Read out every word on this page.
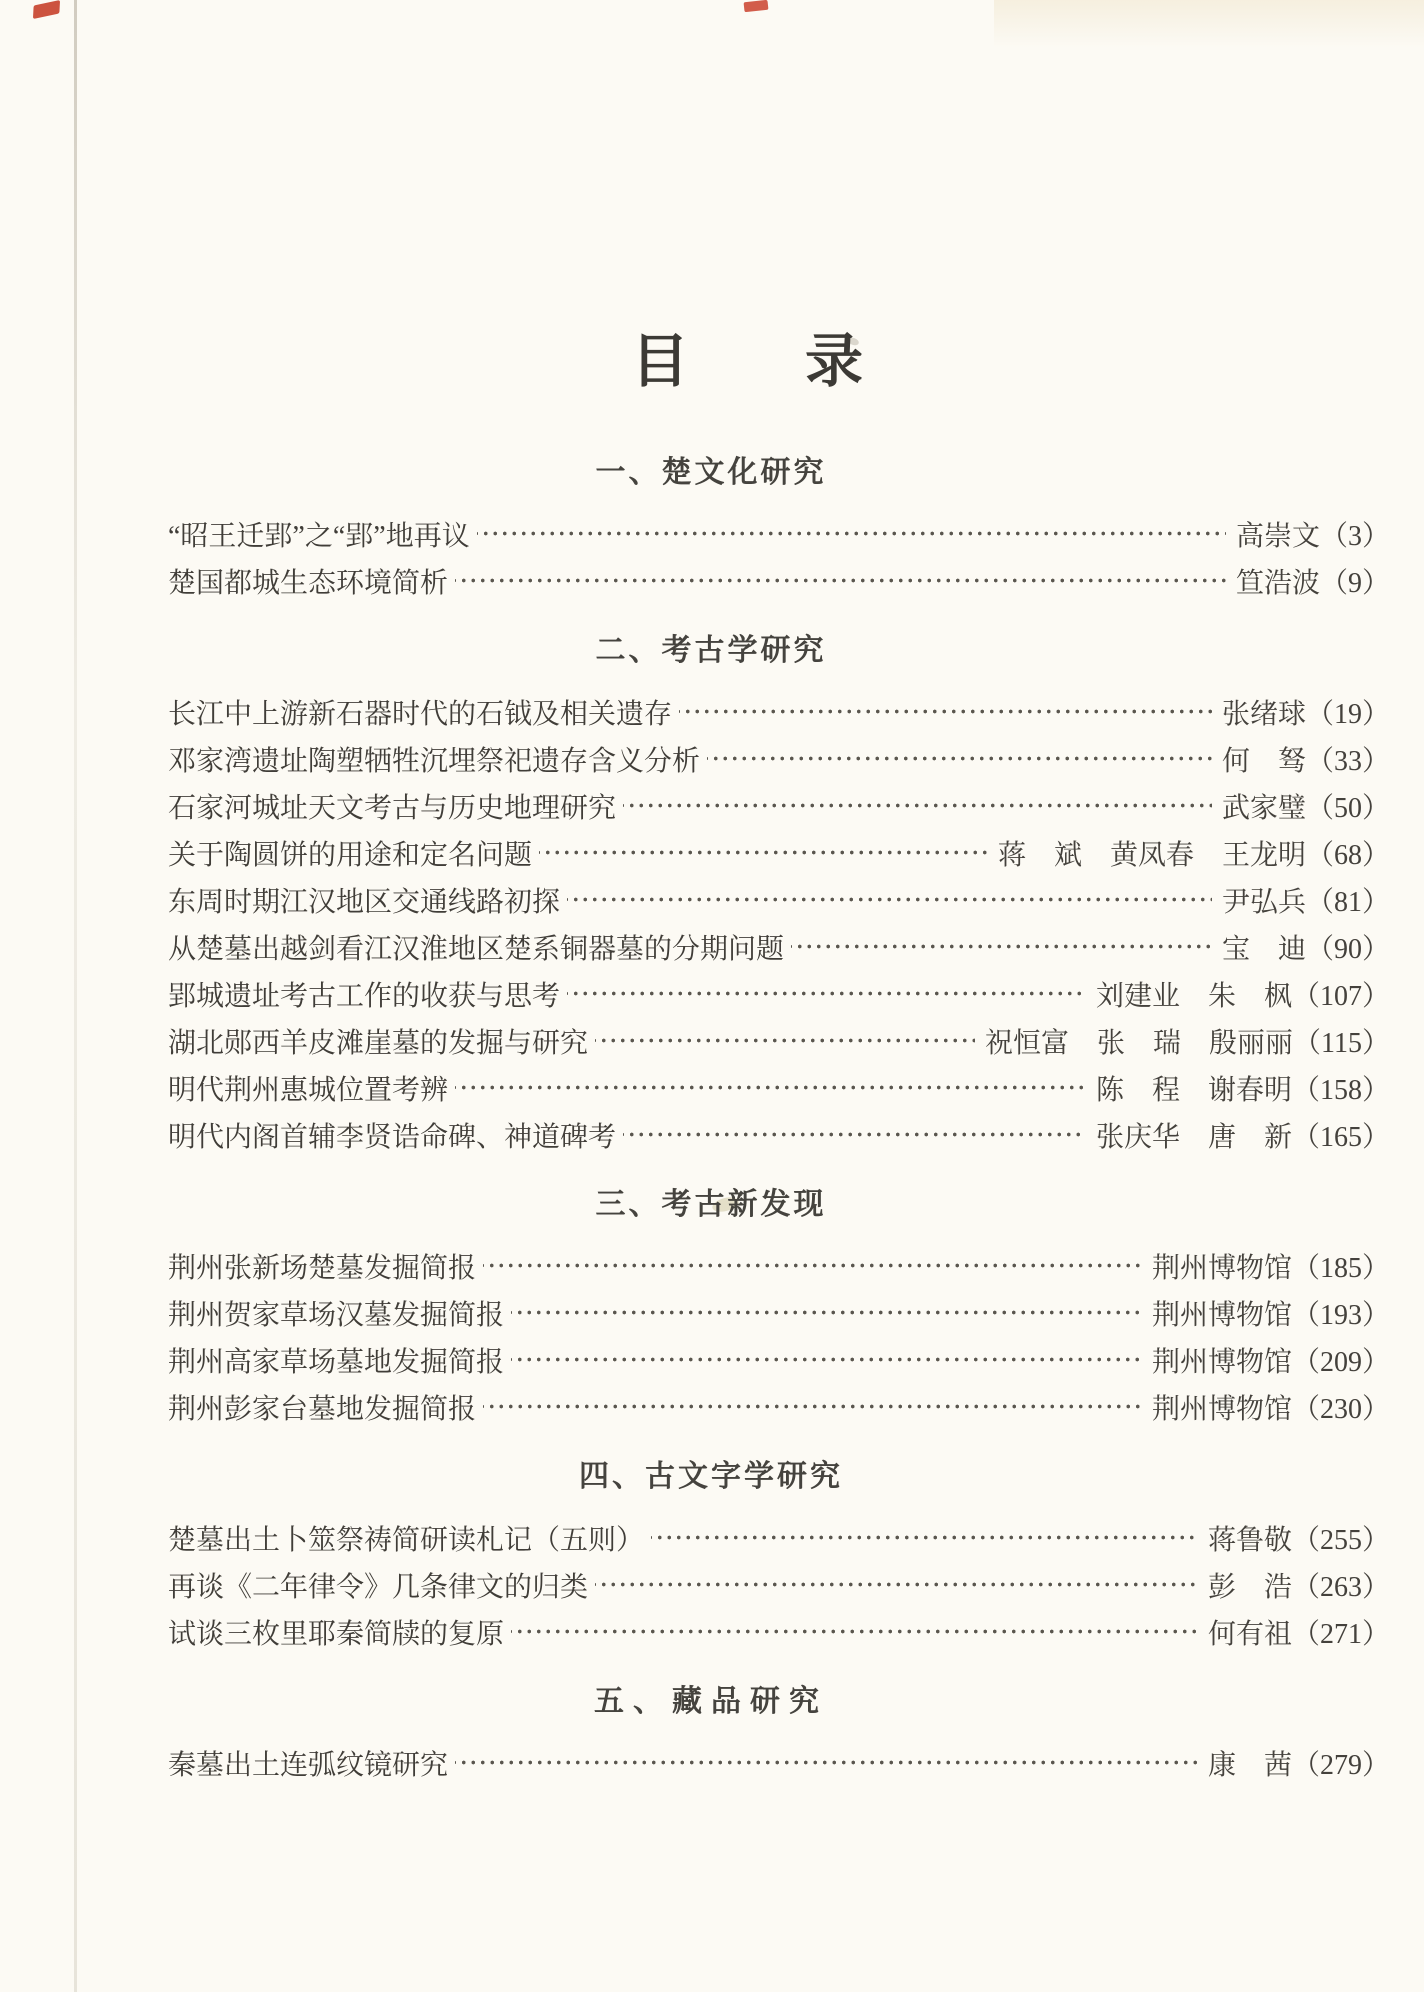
目　　录
一、楚文化研究
“昭王迁郢”之“郢”地再议	高崇文 （3）
楚国都城生态环境简析	笪浩波 （9）
二、考古学研究
长江中上游新石器时代的石钺及相关遗存	张绪球 （19）
邓家湾遗址陶塑牺牲沉埋祭祀遗存含义分析	何　驽 （33）
石家河城址天文考古与历史地理研究	武家璧 （50）
关于陶圆饼的用途和定名问题	蒋　斌　黄凤春　王龙明 （68）
东周时期江汉地区交通线路初探	尹弘兵 （81）
从楚墓出越剑看江汉淮地区楚系铜器墓的分期问题	宝　迪 （90）
郢城遗址考古工作的收获与思考	刘建业　朱　枫 （107）
湖北郧西羊皮滩崖墓的发掘与研究	祝恒富　张　瑞　殷丽丽 （115）
明代荆州惠城位置考辨	陈　程　谢春明 （158）
明代内阁首辅李贤诰命碑、神道碑考	张庆华　唐　新 （165）
三、考古新发现
荆州张新场楚墓发掘简报	荆州博物馆 （185）
荆州贺家草场汉墓发掘简报	荆州博物馆 （193）
荆州高家草场墓地发掘简报	荆州博物馆 （209）
荆州彭家台墓地发掘简报	荆州博物馆 （230）
四、古文字学研究
楚墓出土卜筮祭祷简研读札记（五则）	蒋鲁敬 （255）
再谈《二年律令》几条律文的归类	彭　浩 （263）
试谈三枚里耶秦简牍的复原	何有祖 （271）
五、藏品研究
秦墓出土连弧纹镜研究	康　茜 （279）
